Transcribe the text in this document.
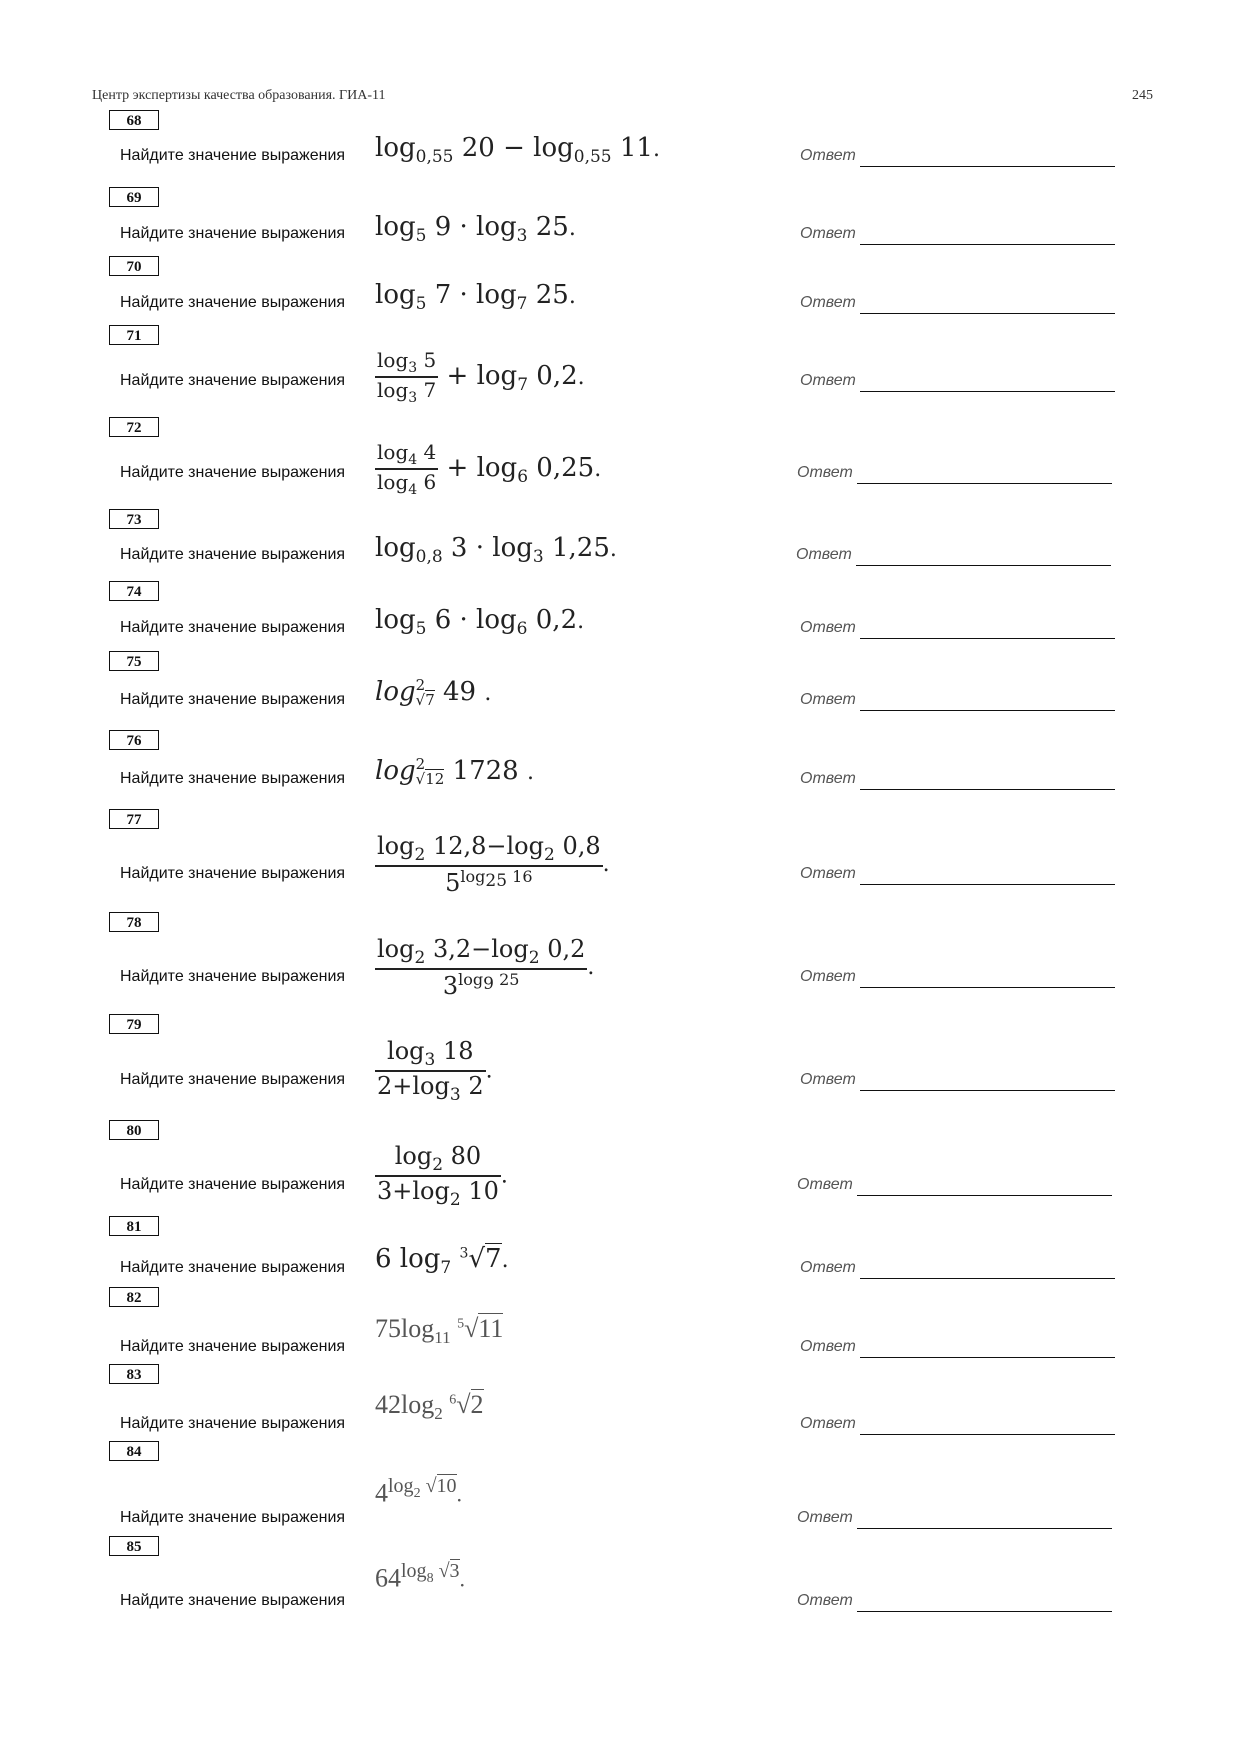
Центр экспертизы качества образования. ГИА-11	245
68
Найдите значение выражения $\log_{0,55} 20 - \log_{0,55} 11$.	Ответ
69
Найдите значение выражения $\log_5 9 \cdot \log_3 25$.	Ответ
70
Найдите значение выражения $\log_5 7 \cdot \log_7 25$.	Ответ
71
Найдите значение выражения $\frac{\log_3 5}{\log_3 7} + \log_7 0,2$.	Ответ
72
Найдите значение выражения $\frac{\log_4 4}{\log_4 6} + \log_6 0,25$.	Ответ
73
Найдите значение выражения $\log_{0,8} 3 \cdot \log_3 1,25$.	Ответ
74
Найдите значение выражения $\log_5 6 \cdot \log_6 0,2$.	Ответ
75
Найдите значение выражения log 2
√7 49 .	Ответ
76
Найдите значение выражения log 2
√12 1728 .	Ответ
77
Найдите значение выражения $\frac{\log_2 12,8-\log_2 0,8}{5^{log_{25} 16}}$ .	Ответ
78
Найдите значение выражения $\frac{\log_2 3,2-\log_2 0,2}{3^{log_9 25}}$ .	Ответ
79
Найдите значение выражения $\frac{\log_3 18}{2+\log_3 2}$ .	Ответ
80
Найдите значение выражения $\frac{\log_2 80}{3+\log_2 10}$ .	Ответ
81
Найдите значение выражения 6 $\log_7 ^3√7$.	Ответ
82
Найдите значение выражения
$75\log_{11}$ $^5$√11
Ответ
83
Найдите значение выражения
$42\log_2$ $^6$√2
Ответ
84
Найдите значение выражения
$4^{log_2 √10}$.
Ответ
85
Найдите значение выражения
$64^{log_8 √3}$.
Ответ
